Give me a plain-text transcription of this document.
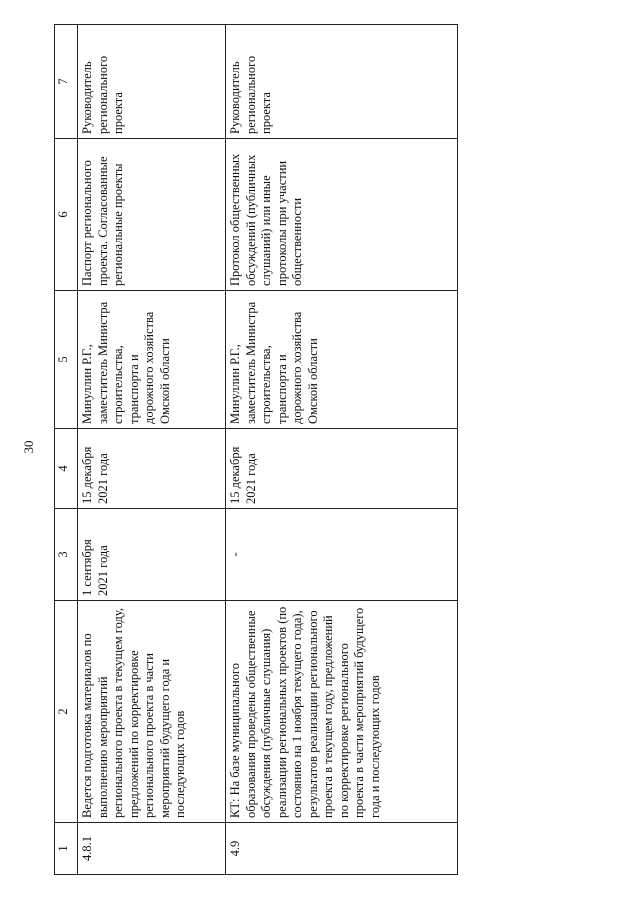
30
1	2	3	4	5	6	7
4.8.1	Ведется подготовка материалов по выполнению мероприятий регионального проекта в текущем году, предложений по корректировке регионального проекта в части мероприятий будущего года и последующих годов	1 сентября 2021 года	15 декабря 2021 года	Минуллин Р.Г., заместитель Министра строительства, транспорта и дорожного хозяйства Омской области	Паспорт регионального проекта. Согласованные региональные проекты	Руководитель регионального проекта
4.9	КТ: На базе муниципального образования проведены общественные обсуждения (публичные слушания) реализации региональных проектов (по состоянию на 1 ноября текущего года), результатов реализации регионального проекта в текущем году, предложений по корректировке регионального проекта в части мероприятий будущего года и последующих годов	-	15 декабря 2021 года	Минуллин Р.Г., заместитель Министра строительства, транспорта и дорожного хозяйства Омской области	Протокол общественных обсуждений (публичных слушаний) или иные протоколы при участии общественности	Руководитель регионального проекта
